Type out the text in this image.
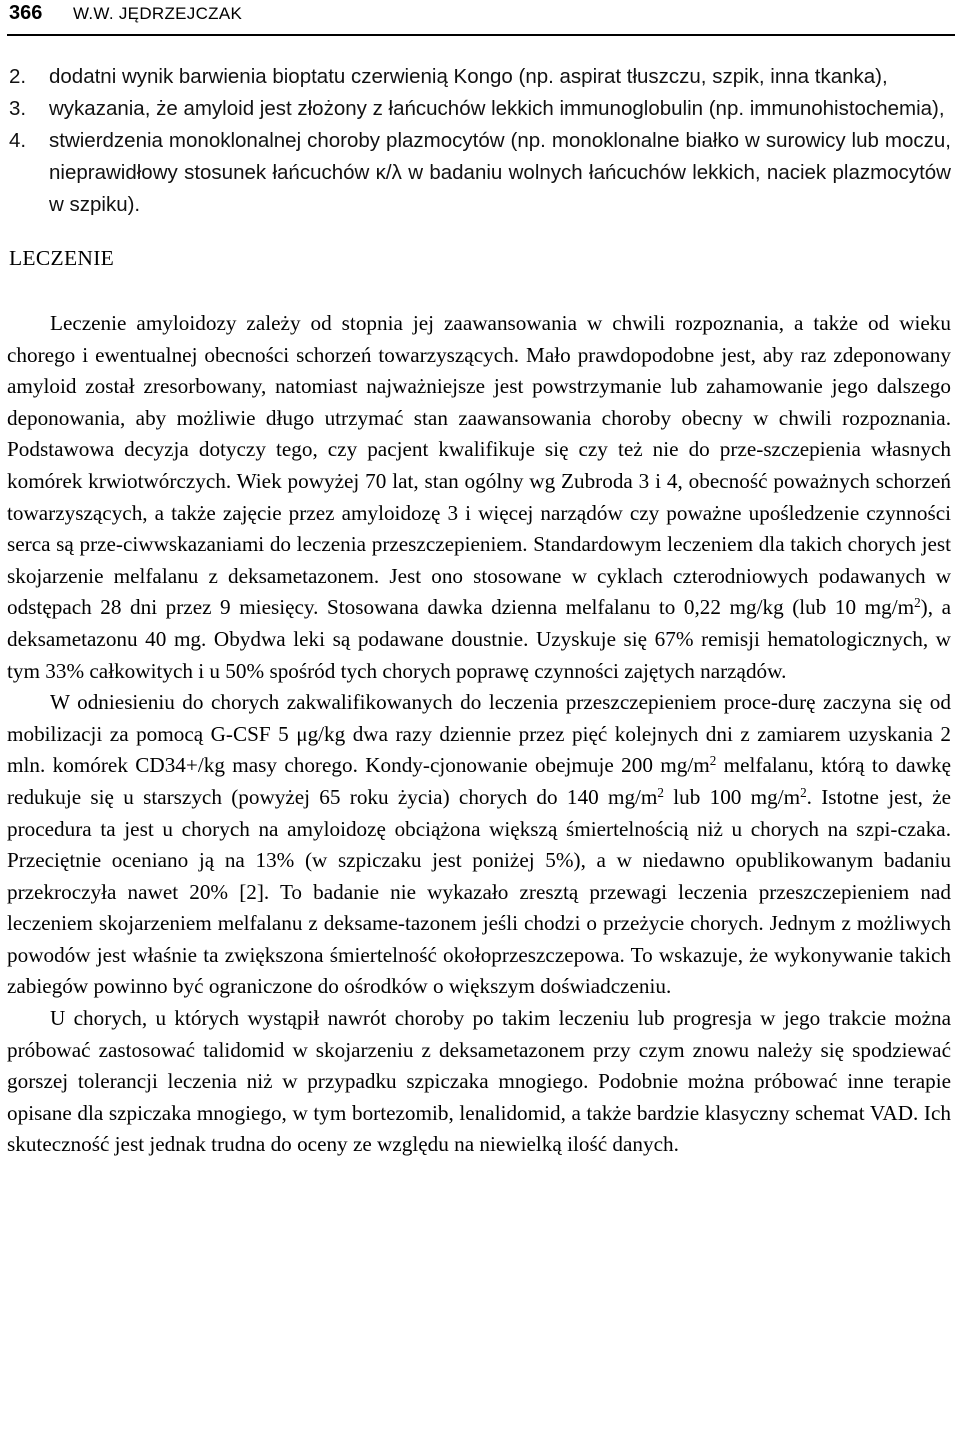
366 W.W. JĘDRZEJCZAK
2. dodatni wynik barwienia bioptatu czerwienią Kongo (np. aspirat tłuszczu, szpik, inna tkanka),
3. wykazania, że amyloid jest złożony z łańcuchów lekkich immunoglobulin (np. immunohistochemia),
4. stwierdzenia monoklonalnej choroby plazmocytów (np. monoklonalne białko w surowicy lub moczu, nieprawidłowy stosunek łańcuchów κ/λ w badaniu wolnych łańcuchów lekkich, naciek plazmocytów w szpiku).
LECZENIE

Leczenie amyloidozy zależy od stopnia jej zaawansowania w chwili rozpoznania, a także od wieku chorego i ewentualnej obecności schorzeń towarzyszących. Mało prawdopodobne jest, aby raz zdeponowany amyloid został zresorbowany, natomiast najważniejsze jest powstrzymanie lub zahamowanie jego dalszego deponowania, aby możliwie długo utrzymać stan zaawansowania choroby obecny w chwili rozpoznania. Podstawowa decyzja dotyczy tego, czy pacjent kwalifikuje się czy też nie do prze-szczepienia własnych komórek krwiotwórczych. Wiek powyżej 70 lat, stan ogólny wg Zubroda 3 i 4, obecność poważnych schorzeń towarzyszących, a także zajęcie przez amyloidozę 3 i więcej narządów czy poważne upośledzenie czynności serca są prze-ciwwskazaniami do leczenia przeszczepieniem. Standardowym leczeniem dla takich chorych jest skojarzenie melfalanu z deksametazonem. Jest ono stosowane w cyklach czterodniowych podawanych w odstępach 28 dni przez 9 miesięcy. Stosowana dawka dzienna melfalanu to 0,22 mg/kg (lub 10 $mg/m^2$), a deksametazonu 40 mg. Obydwa leki są podawane doustnie. Uzyskuje się 67% remisji hematologicznych, w tym 33% całkowitych i u 50% spośród tych chorych poprawę czynności zajętych narządów.

W odniesieniu do chorych zakwalifikowanych do leczenia przeszczepieniem proce-durę zaczyna się od mobilizacji za pomocą G-CSF 5 μg/kg dwa razy dziennie przez pięć kolejnych dni z zamiarem uzyskania 2 mln. komórek CD34+/kg masy chorego. Kondy-cjonowanie obejmuje 200 $mg/m^2$ melfalanu, którą to dawkę redukuje się u starszych (powyżej 65 roku życia) chorych do 140 $mg/m^2$ lub 100 $mg/m^2$. Istotne jest, że procedura ta jest u chorych na amyloidozę obciążona większą śmiertelnością niż u chorych na szpi-czaka. Przeciętnie oceniano ją na 13% (w szpiczaku jest poniżej 5%), a w niedawno opublikowanym badaniu przekroczyła nawet 20% [2]. To badanie nie wykazało zresztą przewagi leczenia przeszczepieniem nad leczeniem skojarzeniem melfalanu z deksame-tazonem jeśli chodzi o przeżycie chorych. Jednym z możliwych powodów jest właśnie ta zwiększona śmiertelność okołoprzeszczepowa. To wskazuje, że wykonywanie takich zabiegów powinno być ograniczone do ośrodków o większym doświadczeniu.

U chorych, u których wystąpił nawrót choroby po takim leczeniu lub progresja w jego trakcie można próbować zastosować talidomid w skojarzeniu z deksametazonem przy czym znowu należy się spodziewać gorszej tolerancji leczenia niż w przypadku szpiczaka mnogiego. Podobnie można próbować inne terapie opisane dla szpiczaka mnogiego, w tym bortezomib, lenalidomid, a także bardzie klasyczny schemat VAD. Ich skuteczność jest jednak trudna do oceny ze względu na niewielką ilość danych.
